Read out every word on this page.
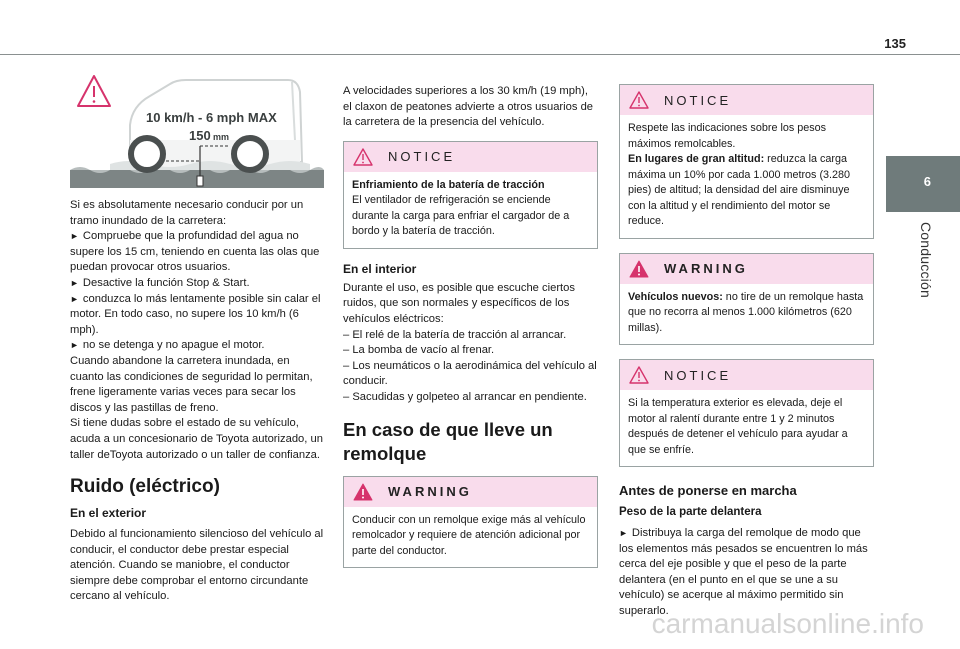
135
6
Conducción
10 km/h - 6 mph MAX
150 mm

Si es absolutamente necesario conducir por un tramo inundado de la carretera:

► Compruebe que la profundidad del agua no supere los 15 cm, teniendo en cuenta las olas que puedan provocar otros usuarios.

► Desactive la función Stop & Start.

► conduzca lo más lentamente posible sin calar el motor. En todo caso, no supere los 10 km/h (6 mph).

► no se detenga y no apague el motor.

Cuando abandone la carretera inundada, en cuanto las condiciones de seguridad lo permitan, frene ligeramente varias veces para secar los discos y las pastillas de freno.

Si tiene dudas sobre el estado de su vehículo, acuda a un concesionario de Toyota autorizado, un taller deToyota autorizado o un taller de confianza.

Ruido (eléctrico)
En el exterior

Debido al funcionamiento silencioso del vehículo al conducir, el conductor debe prestar especial atención. Cuando se maniobre, el conductor siempre debe comprobar el entorno circundante cercano al vehículo.

A velocidades superiores a los 30 km/h (19 mph), el claxon de peatones advierte a otros usuarios de la carretera de la presencia del vehículo.

NOTICE

Enfriamiento de la batería de tracción

El ventilador de refrigeración se enciende durante la carga para enfriar el cargador de a bordo y la batería de tracción.

En el interior

Durante el uso, es posible que escuche ciertos ruidos, que son normales y específicos de los vehículos eléctricos:

– El relé de la batería de tracción al arrancar.

– La bomba de vacío al frenar.

– Los neumáticos o la aerodinámica del vehículo al conducir.

– Sacudidas y golpeteo al arrancar en pendiente.

En caso de que lleve un remolque
WARNING

Conducir con un remolque exige más al vehículo remolcador y requiere de atención adicional por parte del conductor.

NOTICE

Respete las indicaciones sobre los pesos máximos remolcables.

En lugares de gran altitud: reduzca la carga máxima un 10% por cada 1.000 metros (3.280 pies) de altitud; la densidad del aire disminuye con la altitud y el rendimiento del motor se reduce.

WARNING

Vehículos nuevos: no tire de un remolque hasta que no recorra al menos 1.000 kilómetros (620 millas).

NOTICE

Si la temperatura exterior es elevada, deje el motor al ralentí durante entre 1 y 2 minutos después de detener el vehículo para ayudar a que se enfríe.

Antes de ponerse en marcha
Peso de la parte delantera

► Distribuya la carga del remolque de modo que los elementos más pesados se encuentren lo más cerca del eje posible y que el peso de la parte delantera (en el punto en el que se une a su vehículo) se acerque al máximo permitido sin superarlo.

carmanualsonline.info
